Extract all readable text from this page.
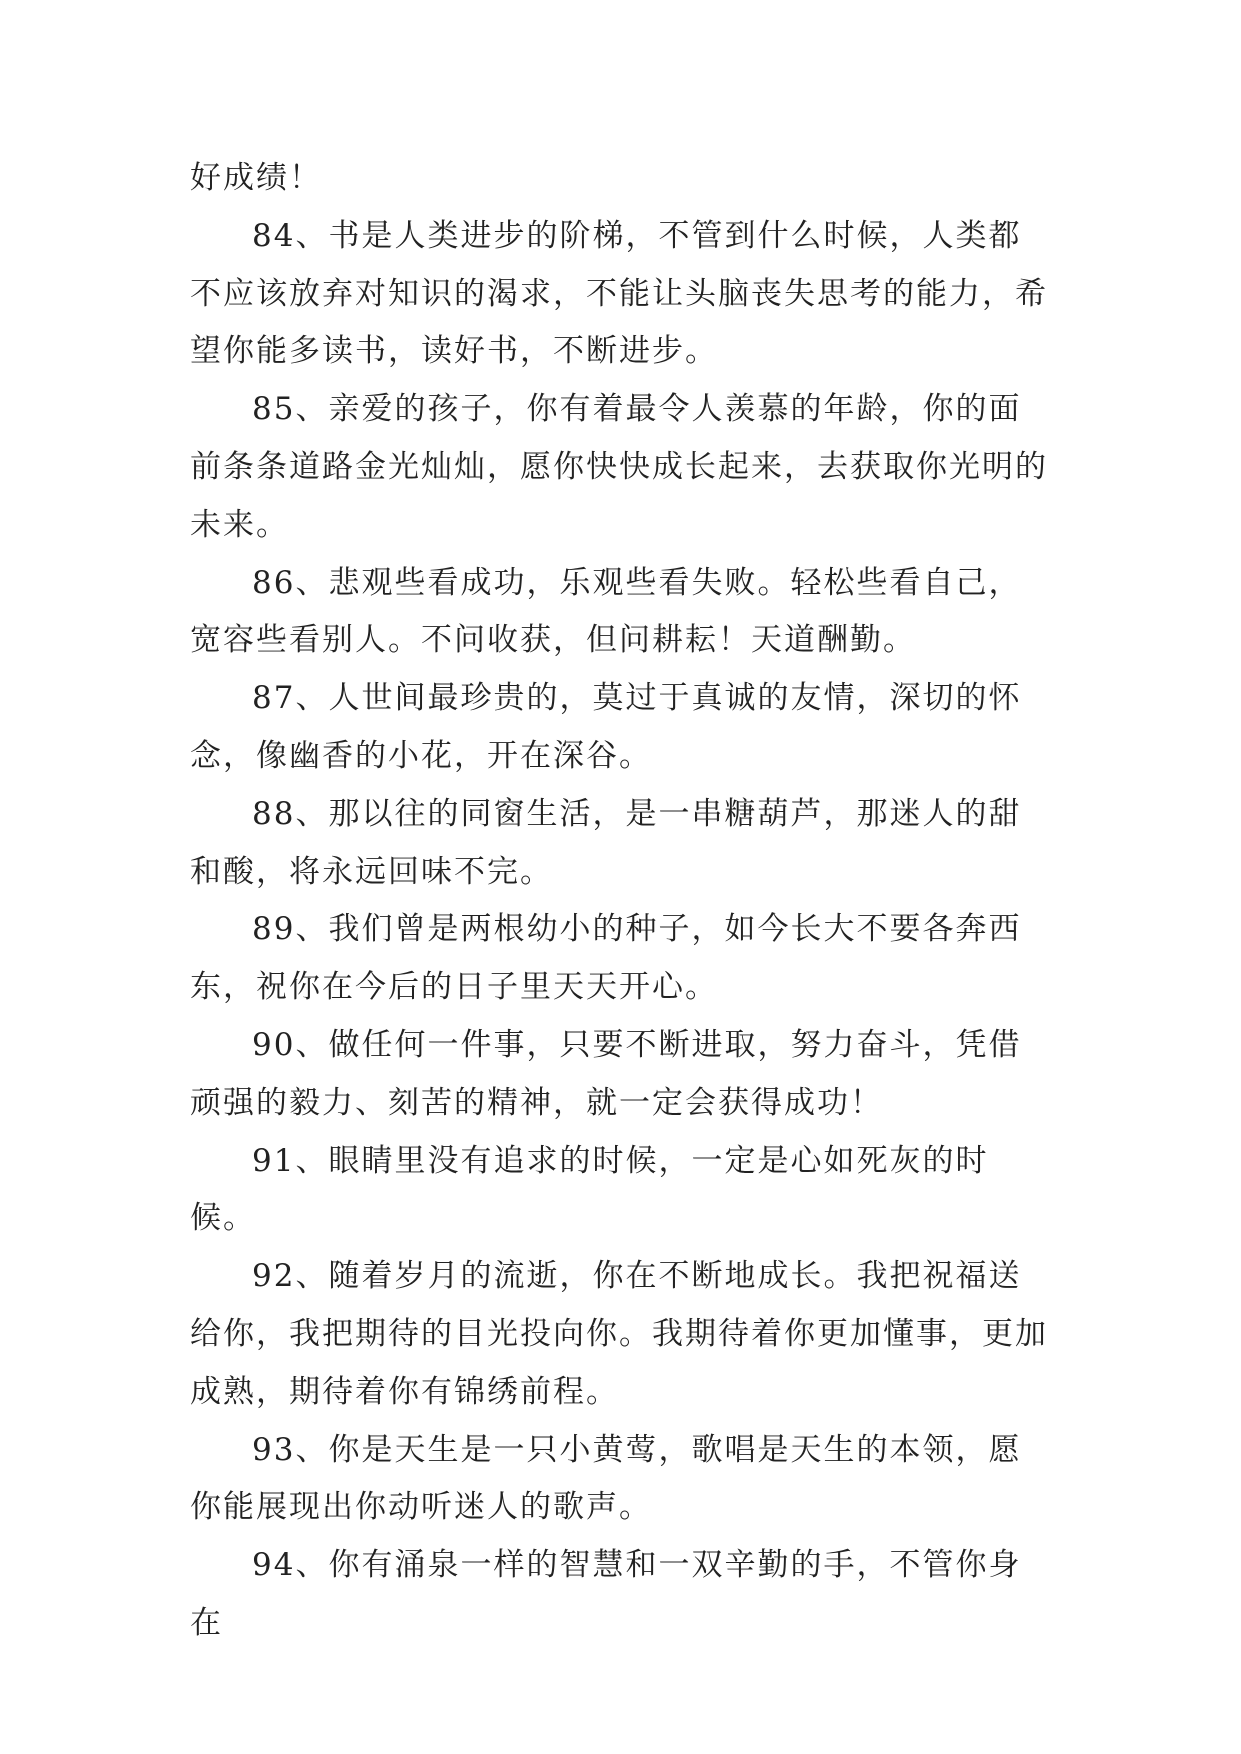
好成绩！

84、书是人类进步的阶梯，不管到什么时候，人类都不应该放弃对知识的渴求，不能让头脑丧失思考的能力，希望你能多读书，读好书，不断进步。

85、亲爱的孩子，你有着最令人羡慕的年龄，你的面前条条道路金光灿灿，愿你快快成长起来，去获取你光明的未来。

86、悲观些看成功，乐观些看失败。轻松些看自己，宽容些看别人。不问收获，但问耕耘！天道酬勤。

87、人世间最珍贵的，莫过于真诚的友情，深切的怀念，像幽香的小花，开在深谷。

88、那以往的同窗生活，是一串糖葫芦，那迷人的甜和酸，将永远回味不完。

89、我们曾是两根幼小的种子，如今长大不要各奔西东，祝你在今后的日子里天天开心。

90、做任何一件事，只要不断进取，努力奋斗，凭借顽强的毅力、刻苦的精神，就一定会获得成功！

91、眼睛里没有追求的时候，一定是心如死灰的时候。

92、随着岁月的流逝，你在不断地成长。我把祝福送给你，我把期待的目光投向你。我期待着你更加懂事，更加成熟，期待着你有锦绣前程。

93、你是天生是一只小黄莺，歌唱是天生的本领，愿你能展现出你动听迷人的歌声。

94、你有涌泉一样的智慧和一双辛勤的手，不管你身在
